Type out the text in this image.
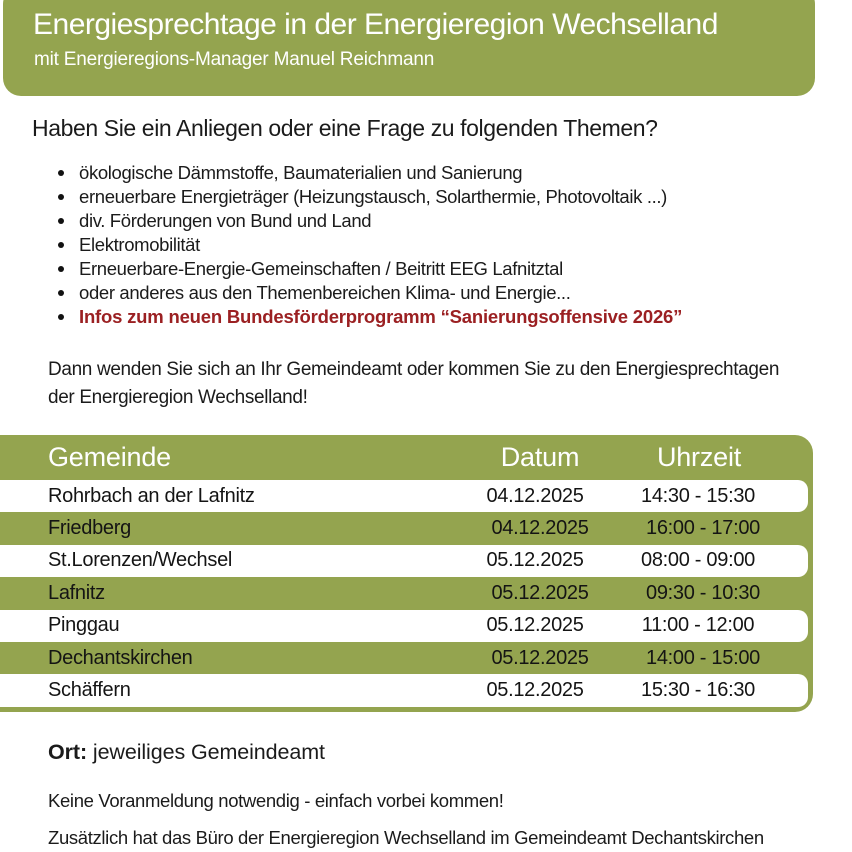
Energiesprechtage in der Energieregion Wechselland
mit Energieregions-Manager Manuel Reichmann
Haben Sie ein Anliegen oder eine Frage zu folgenden Themen?
ökologische Dämmstoffe, Baumaterialien und Sanierung
erneuerbare Energieträger (Heizungstausch, Solarthermie, Photovoltaik ...)
div. Förderungen von Bund und Land
Elektromobilität
Erneuerbare-Energie-Gemeinschaften / Beitritt EEG Lafnitztal
oder anderes aus den Themenbereichen Klima- und Energie...
Infos zum neuen Bundesförderprogramm “Sanierungsoffensive 2026”
Dann wenden Sie sich an Ihr Gemeindeamt oder kommen Sie zu den Energiesprechtagen
der Energieregion Wechselland!
Gemeinde	Datum	Uhrzeit
Rohrbach an der Lafnitz	04.12.2025	14:30 - 15:30
Friedberg	04.12.2025	16:00 - 17:00
St.Lorenzen/Wechsel	05.12.2025	08:00 - 09:00
Lafnitz	05.12.2025	09:30 - 10:30
Pinggau	05.12.2025	11:00 - 12:00
Dechantskirchen	05.12.2025	14:00 - 15:00
Schäffern	05.12.2025	15:30 - 16:30
Ort: jeweiliges Gemeindeamt
Keine Voranmeldung notwendig - einfach vorbei kommen!
Zusätzlich hat das Büro der Energieregion Wechselland im Gemeindeamt Dechantskirchen
